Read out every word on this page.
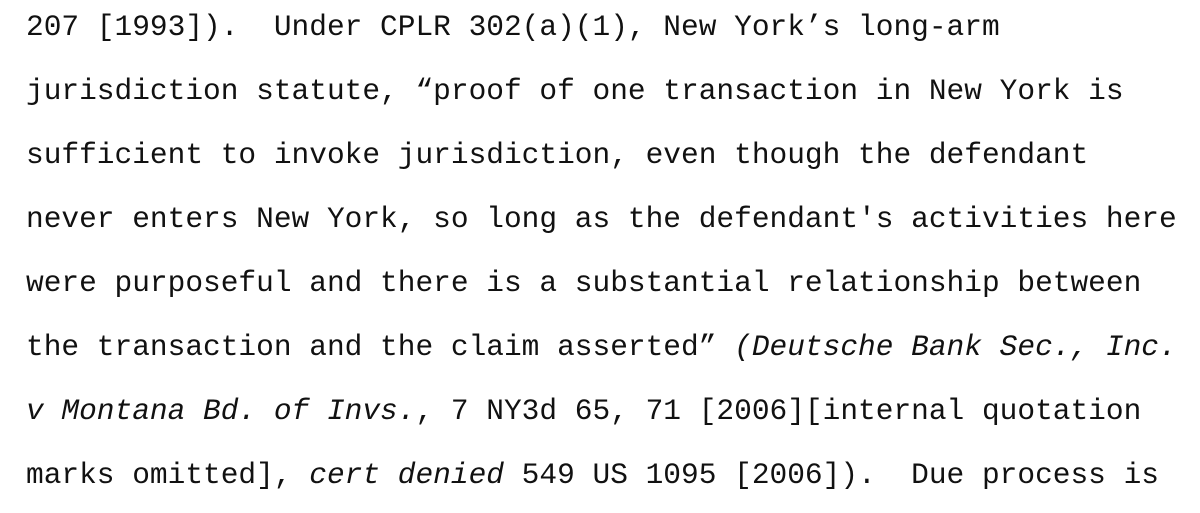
207 [1993]).  Under CPLR 302(a)(1), New York’s long-arm

jurisdiction statute, “proof of one transaction in New York is

sufficient to invoke jurisdiction, even though the defendant

never enters New York, so long as the defendant's activities here

were purposeful and there is a substantial relationship between

the transaction and the claim asserted” (Deutsche Bank Sec., Inc.

v Montana Bd. of Invs., 7 NY3d 65, 71 [2006][internal quotation

marks omitted], cert denied 549 US 1095 [2006]).  Due process is
